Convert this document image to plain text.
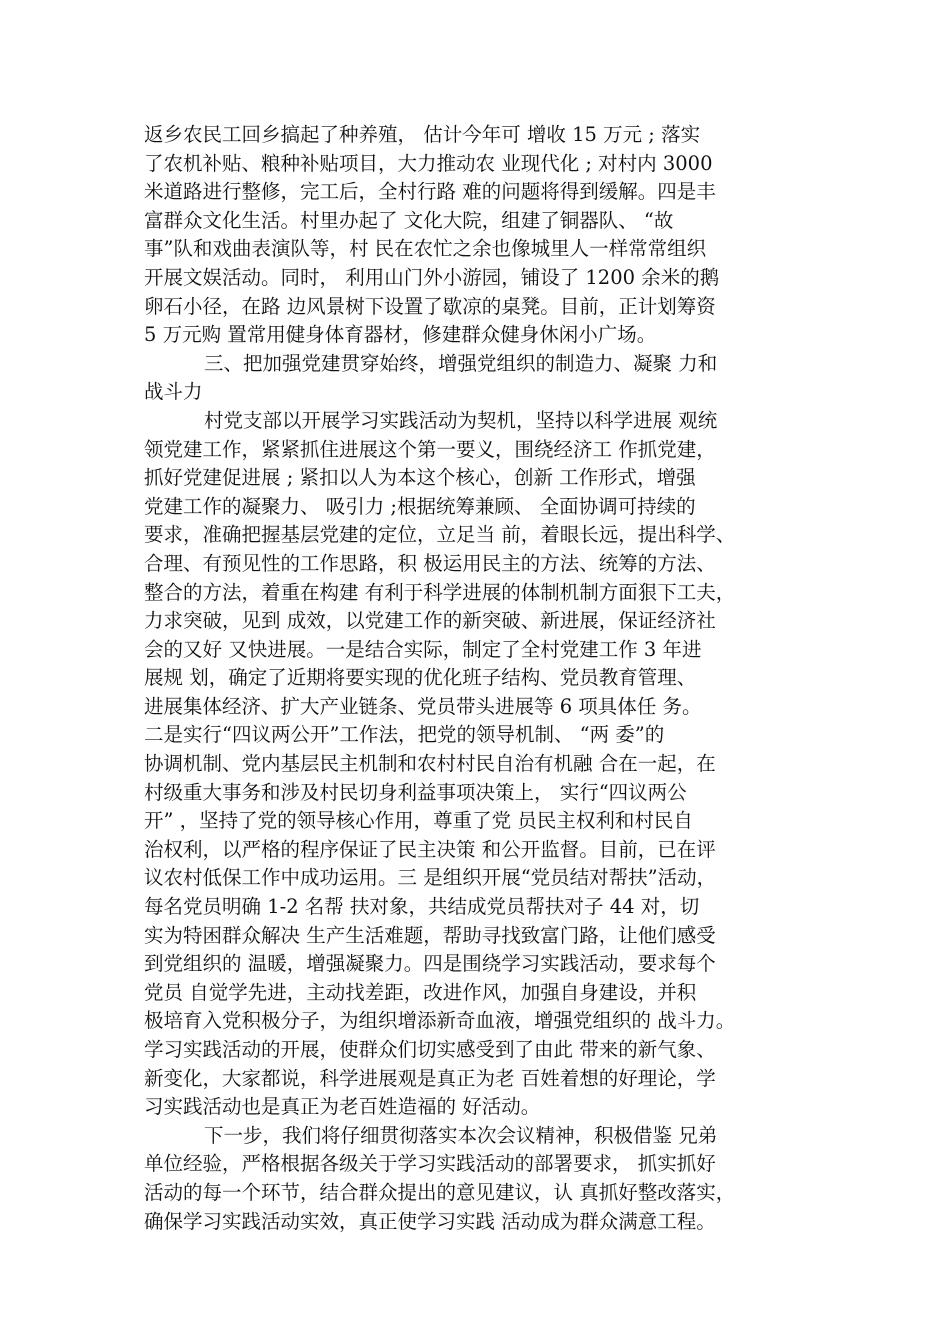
返乡农民工回乡搞起了种养殖， 估计今年可 增收 15 万元 ; 落实
了农机补贴、粮种补贴项目，大力推动农 业现代化 ; 对村内 3000
米道路进行整修，完工后，全村行路 难的问题将得到缓解。四是丰
富群众文化生活。村里办起了 文化大院，组建了铜器队、 “故
事”队和戏曲表演队等，村 民在农忙之余也像城里人一样常常组织
开展文娱活动。同时， 利用山门外小游园，铺设了 1200 余米的鹅
卵石小径，在路 边风景树下设置了歇凉的桌凳。目前，正计划筹资
5 万元购 置常用健身体育器材，修建群众健身休闲小广场。
三、把加强党建贯穿始终，增强党组织的制造力、凝聚 力和
战斗力
村党支部以开展学习实践活动为契机，坚持以科学进展 观统
领党建工作，紧紧抓住进展这个第一要义，围绕经济工 作抓党建，
抓好党建促进展 ; 紧扣以人为本这个核心，创新 工作形式，增强
党建工作的凝聚力、 吸引力 ;根据统筹兼顾、 全面协调可持续的
要求，准确把握基层党建的定位，立足当 前，着眼长远，提出科学、
合理、有预见性的工作思路，积 极运用民主的方法、统筹的方法、
整合的方法，着重在构建 有利于科学进展的体制机制方面狠下工夫，
力求突破，见到 成效，以党建工作的新突破、新进展，保证经济社
会的又好 又快进展。一是结合实际，制定了全村党建工作 3 年进
展规 划，确定了近期将要实现的优化班子结构、党员教育管理、
进展集体经济、扩大产业链条、党员带头进展等 6 项具体任 务。
二是实行“四议两公开”工作法，把党的领导机制、 “两 委”的
协调机制、党内基层民主机制和农村村民自治有机融 合在一起，在
村级重大事务和涉及村民切身利益事项决策上， 实行“四议两公
开” ，坚持了党的领导核心作用，尊重了党 员民主权利和村民自
治权利，以严格的程序保证了民主决策 和公开监督。目前，已在评
议农村低保工作中成功运用。三 是组织开展“党员结对帮扶”活动，
每名党员明确 1-2 名帮 扶对象，共结成党员帮扶对子 44 对，切
实为特困群众解决 生产生活难题，帮助寻找致富门路，让他们感受
到党组织的 温暖，增强凝聚力。四是围绕学习实践活动，要求每个
党员 自觉学先进，主动找差距，改进作风，加强自身建设，并积
极培育入党积极分子，为组织增添新奇血液，增强党组织的 战斗力。
学习实践活动的开展，使群众们切实感受到了由此 带来的新气象、
新变化，大家都说，科学进展观是真正为老 百姓着想的好理论，学
习实践活动也是真正为老百姓造福的 好活动。
下一步，我们将仔细贯彻落实本次会议精神，积极借鉴 兄弟
单位经验，严格根据各级关于学习实践活动的部署要求， 抓实抓好
活动的每一个环节，结合群众提出的意见建议，认 真抓好整改落实，
确保学习实践活动实效，真正使学习实践 活动成为群众满意工程。
